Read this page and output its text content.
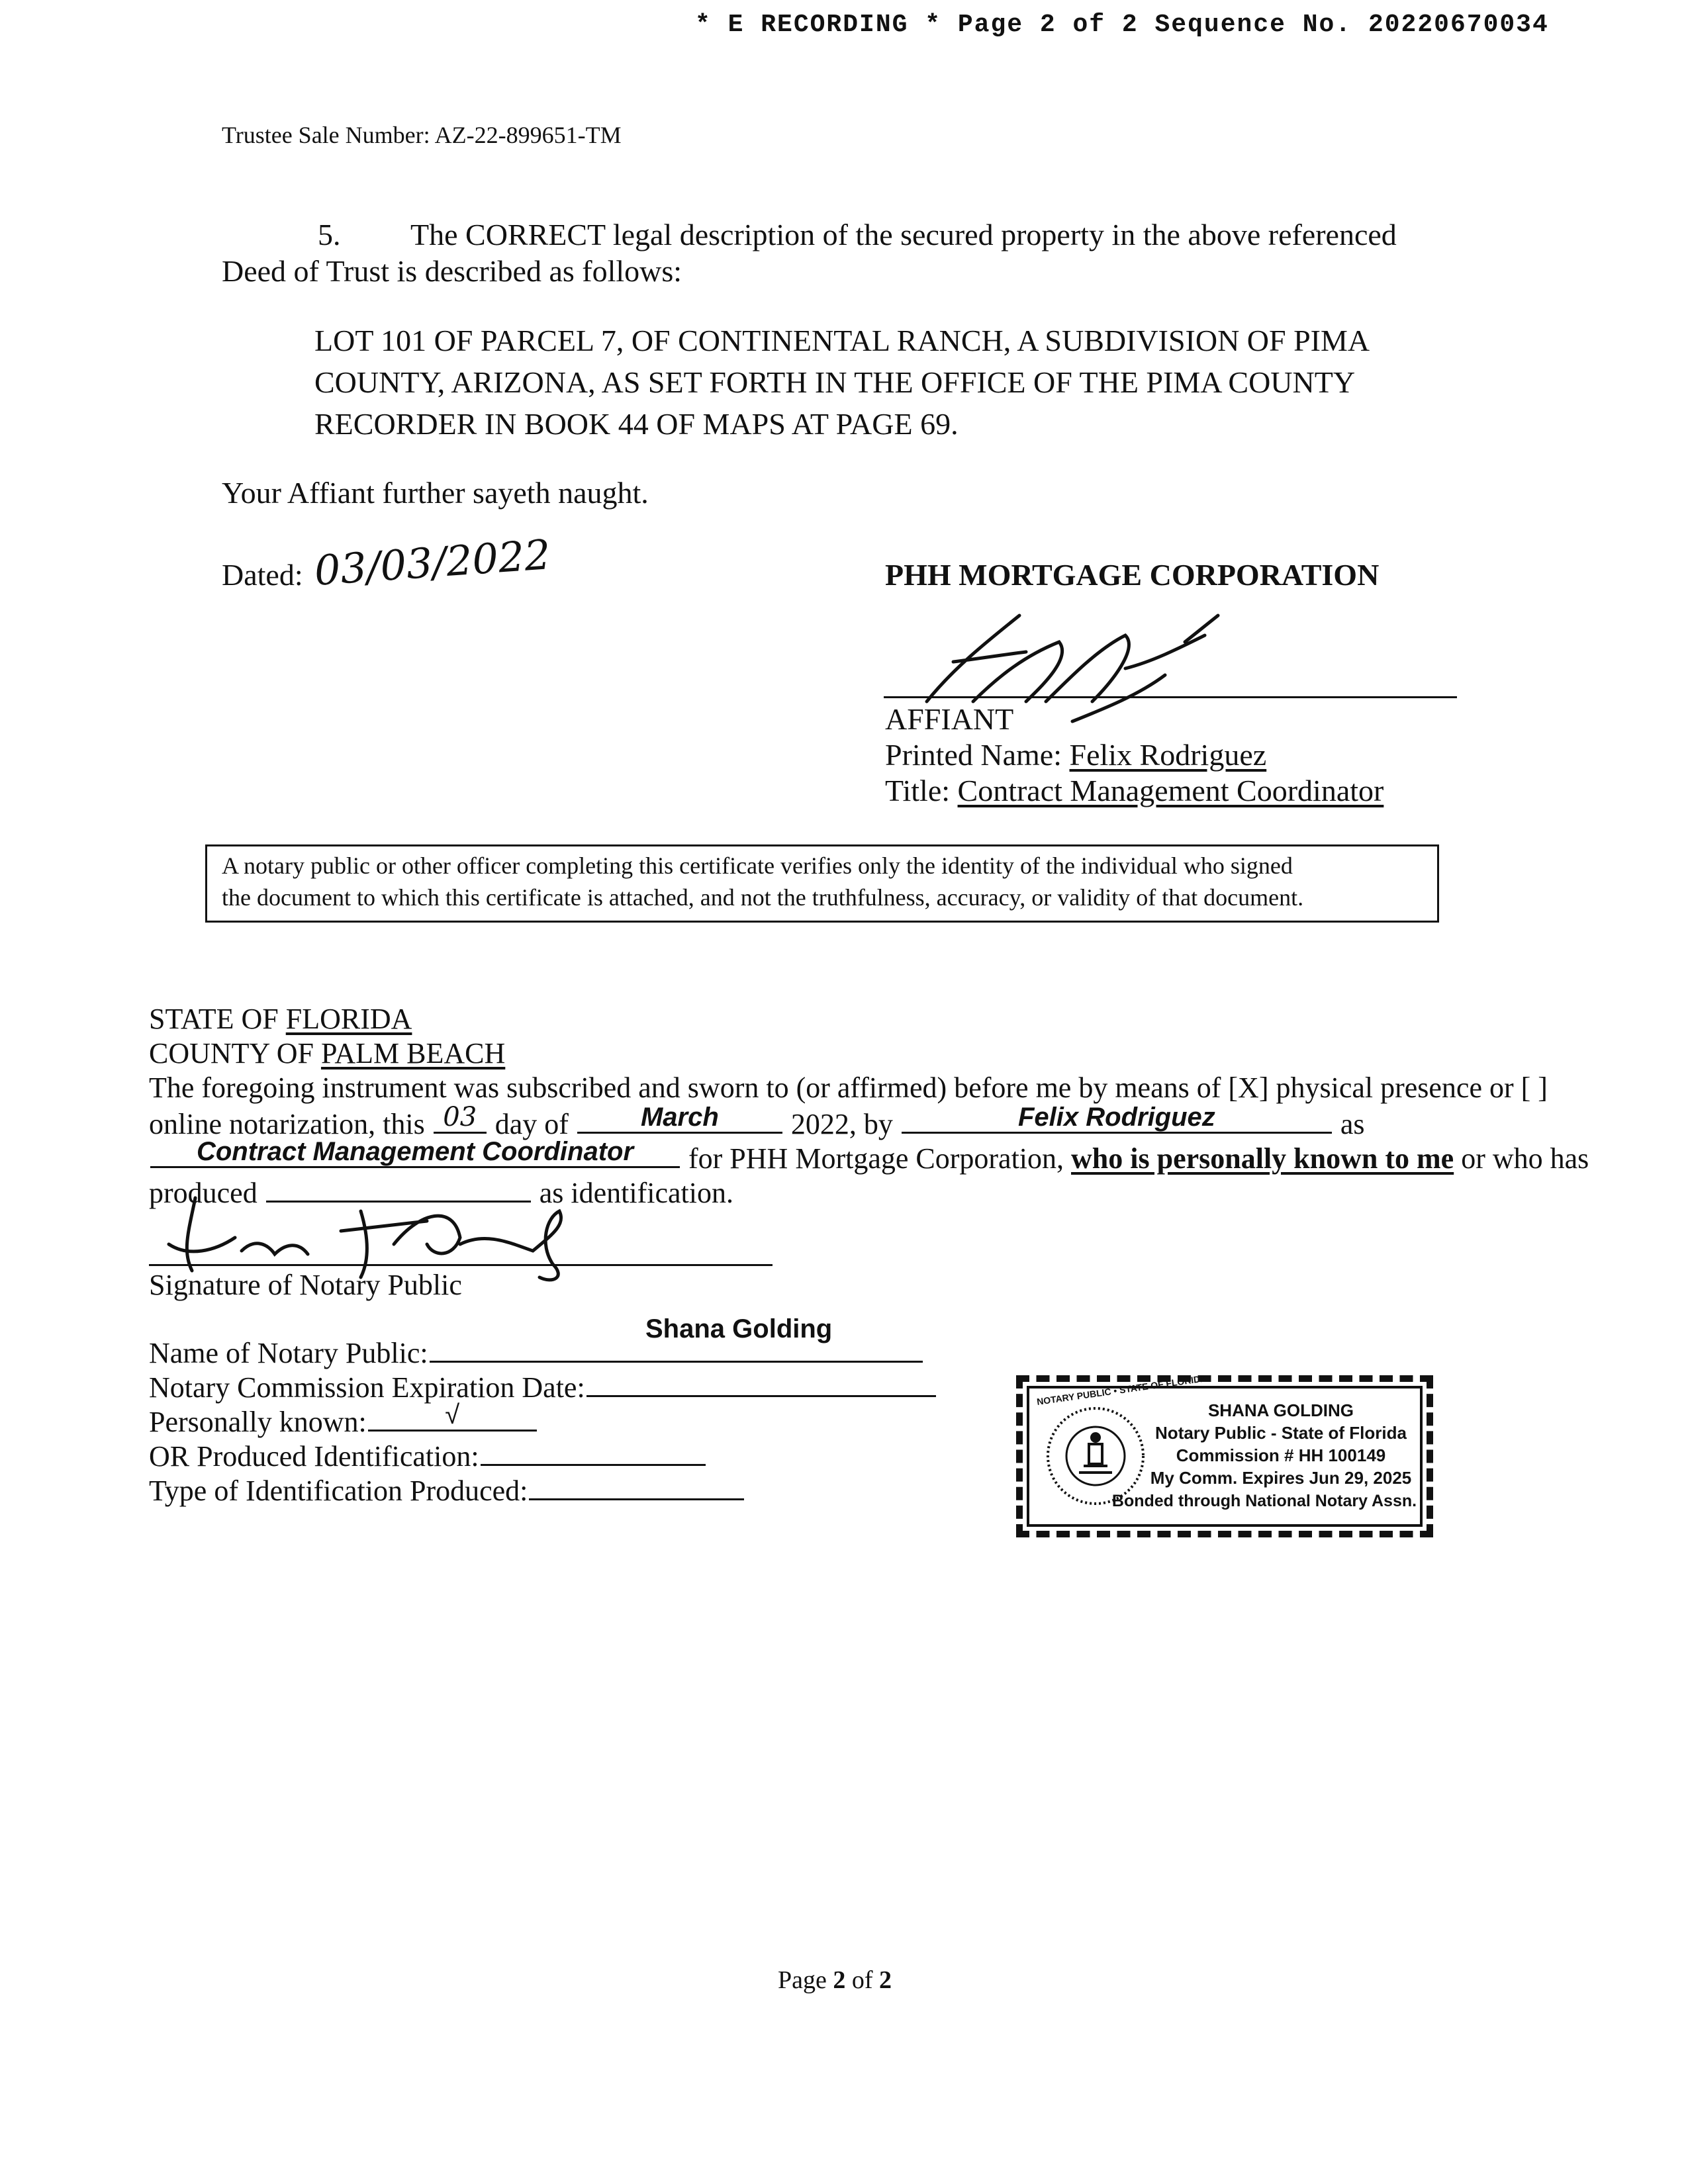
* E RECORDING * Page 2 of 2 Sequence No. 20220670034
Trustee Sale Number: AZ-22-899651-TM
5. The CORRECT legal description of the secured property in the above referenced
Deed of Trust is described as follows:
LOT 101 OF PARCEL 7, OF CONTINENTAL RANCH, A SUBDIVISION OF PIMA
COUNTY, ARIZONA, AS SET FORTH IN THE OFFICE OF THE PIMA COUNTY
RECORDER IN BOOK 44 OF MAPS AT PAGE 69.
Your Affiant further sayeth naught.
Dated: 03/03/2022	PHH MORTGAGE CORPORATION
AFFIANT
Printed Name: Felix Rodriguez
Title: Contract Management Coordinator
A notary public or other officer completing this certificate verifies only the identity of the individual who signed
the document to which this certificate is attached, and not the truthfulness, accuracy, or validity of that document.
STATE OF FLORIDA
COUNTY OF PALM BEACH
The foregoing instrument was subscribed and sworn to (or affirmed) before me by means of [X] physical presence or [ ]
online notarization, this 03 day of	March	2022, by	Felix Rodriguez	as
Contract Management Coordinator	for PHH Mortgage Corporation, who is personally known to me or who has
produced	as identification.
Signature of Notary Public
Shana Golding
Name of Notary Public:
Notary Commission Expiration Date:
Personally known:	√
OR Produced Identification:
Type of Identification Produced:
NOTARY PUBLIC • STATE OF FLORIDA
SHANA GOLDING
Notary Public - State of Florida
Commission # HH 100149
My Comm. Expires Jun 29, 2025
Bonded through National Notary Assn.
Page 2 of 2
